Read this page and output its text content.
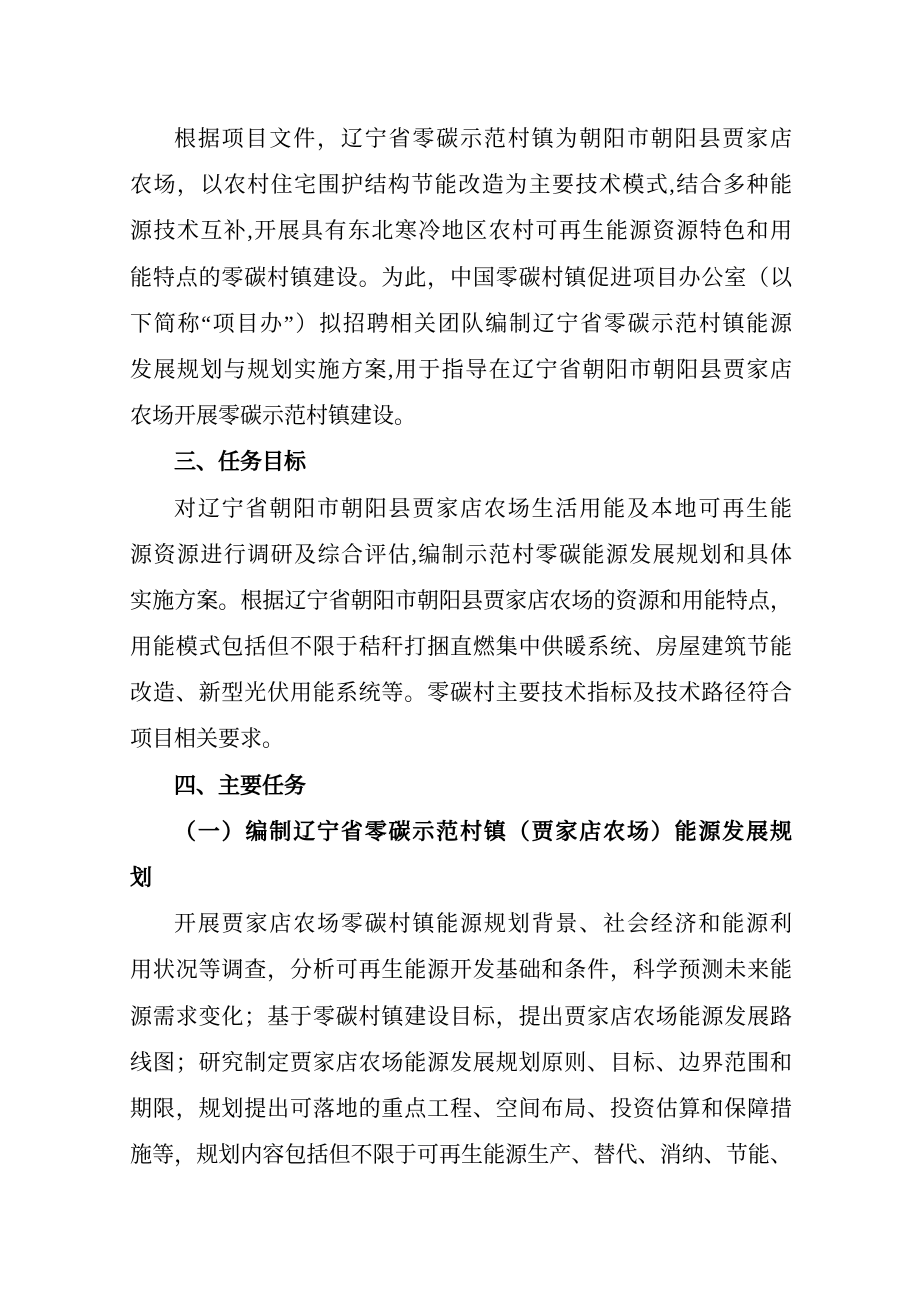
根据项目文件，辽宁省零碳示范村镇为朝阳市朝阳县贾家店
农场，以农村住宅围护结构节能改造为主要技术模式,结合多种能
源技术互补,开展具有东北寒冷地区农村可再生能源资源特色和用
能特点的零碳村镇建设。为此，中国零碳村镇促进项目办公室（以
下简称“项目办”）拟招聘相关团队编制辽宁省零碳示范村镇能源
发展规划与规划实施方案,用于指导在辽宁省朝阳市朝阳县贾家店
农场开展零碳示范村镇建设。

三、任务目标

对辽宁省朝阳市朝阳县贾家店农场生活用能及本地可再生能
源资源进行调研及综合评估,编制示范村零碳能源发展规划和具体
实施方案。根据辽宁省朝阳市朝阳县贾家店农场的资源和用能特点，
用能模式包括但不限于秸秆打捆直燃集中供暖系统、房屋建筑节能
改造、新型光伏用能系统等。零碳村主要技术指标及技术路径符合
项目相关要求。

四、主要任务

（一）编制辽宁省零碳示范村镇（贾家店农场）能源发展规
划

开展贾家店农场零碳村镇能源规划背景、社会经济和能源利
用状况等调查，分析可再生能源开发基础和条件，科学预测未来能
源需求变化；基于零碳村镇建设目标，提出贾家店农场能源发展路
线图；研究制定贾家店农场能源发展规划原则、目标、边界范围和
期限，规划提出可落地的重点工程、空间布局、投资估算和保障措
施等，规划内容包括但不限于可再生能源生产、替代、消纳、节能、
